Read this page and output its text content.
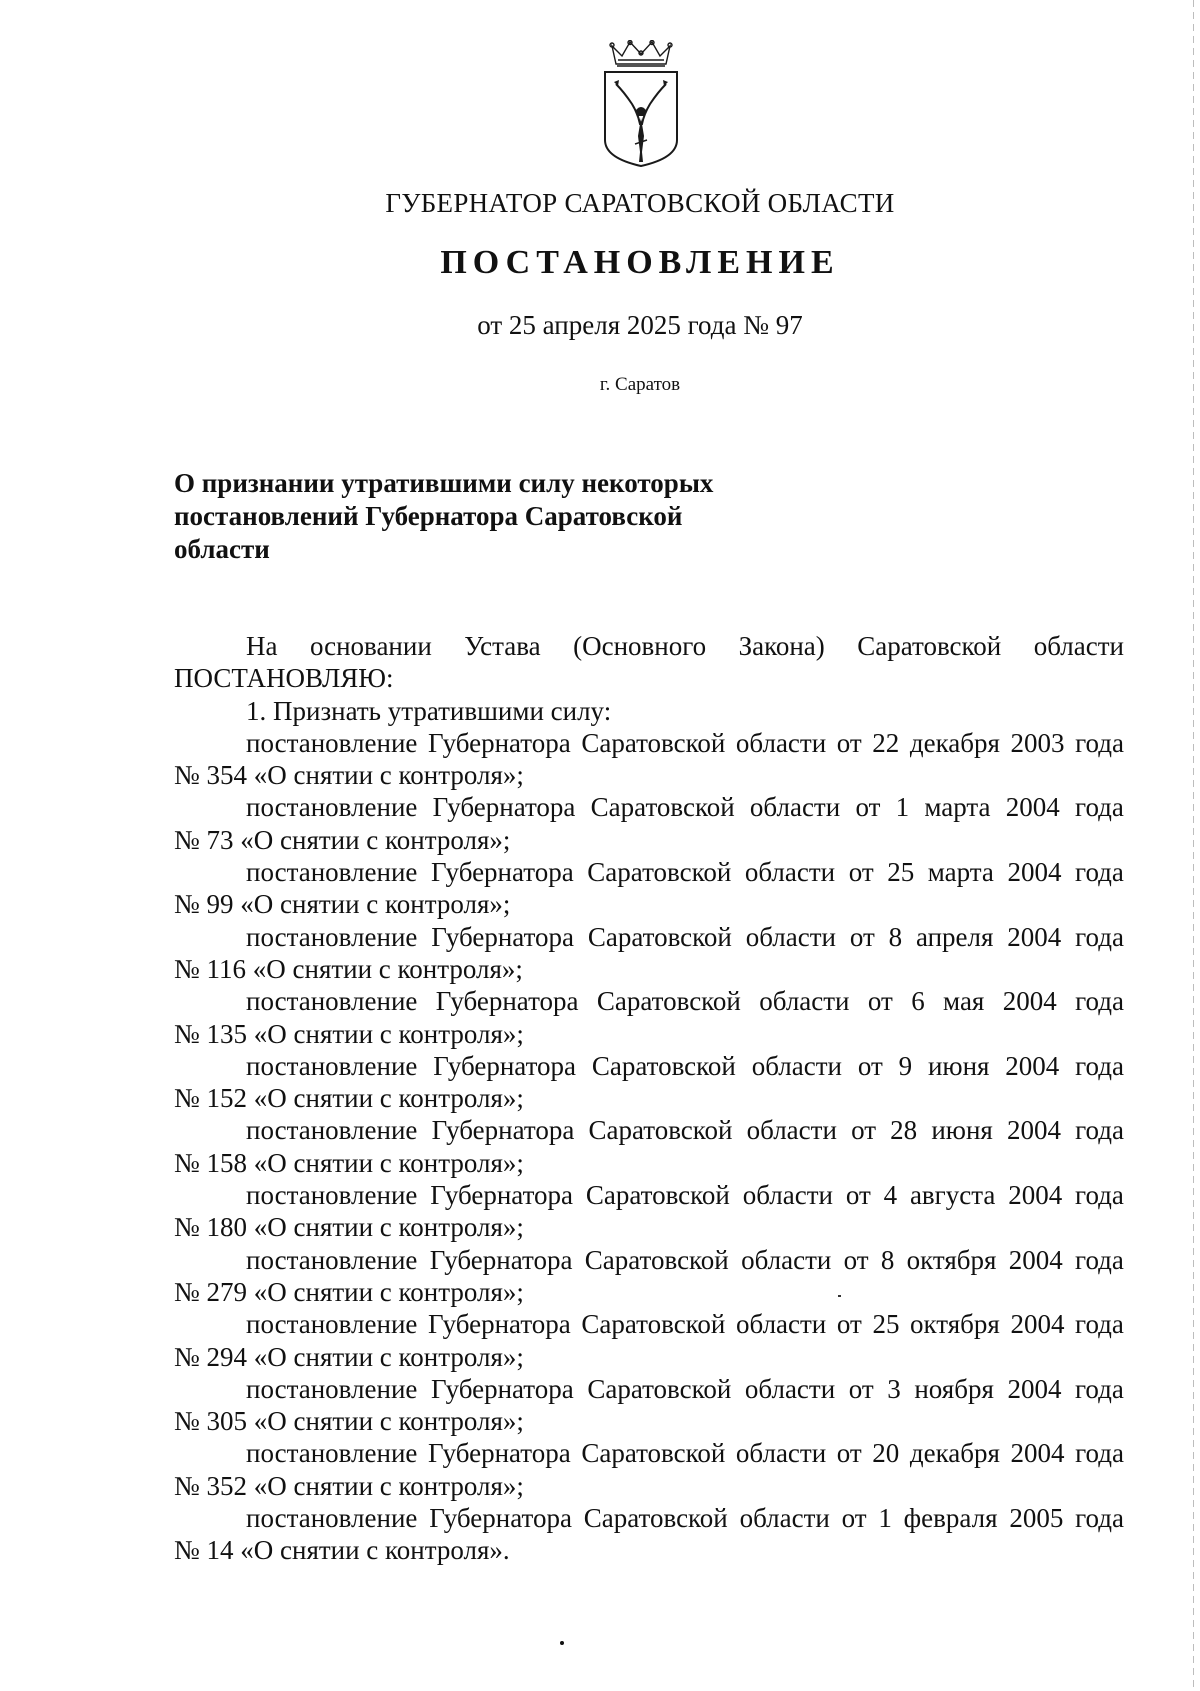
ГУБЕРНАТОР САРАТОВСКОЙ ОБЛАСТИ
ПОСТАНОВЛЕНИЕ
от 25 апреля 2025 года № 97
г. Саратов
О признании утратившими силу некоторых
постановлений Губернатора Саратовской
области
На основании Устава (Основного Закона) Саратовской области
ПОСТАНОВЛЯЮ:
1. Признать утратившими силу:
постановление Губернатора Саратовской области от 22 декабря 2003 года
№ 354 «О снятии с контроля»;
постановление Губернатора Саратовской области от 1 марта 2004 года
№ 73 «О снятии с контроля»;
постановление Губернатора Саратовской области от 25 марта 2004 года
№ 99 «О снятии с контроля»;
постановление Губернатора Саратовской области от 8 апреля 2004 года
№ 116 «О снятии с контроля»;
постановление Губернатора Саратовской области от 6 мая 2004 года
№ 135 «О снятии с контроля»;
постановление Губернатора Саратовской области от 9 июня 2004 года
№ 152 «О снятии с контроля»;
постановление Губернатора Саратовской области от 28 июня 2004 года
№ 158 «О снятии с контроля»;
постановление Губернатора Саратовской области от 4 августа 2004 года
№ 180 «О снятии с контроля»;
постановление Губернатора Саратовской области от 8 октября 2004 года
№ 279 «О снятии с контроля»;
постановление Губернатора Саратовской области от 25 октября 2004 года
№ 294 «О снятии с контроля»;
постановление Губернатора Саратовской области от 3 ноября 2004 года
№ 305 «О снятии с контроля»;
постановление Губернатора Саратовской области от 20 декабря 2004 года
№ 352 «О снятии с контроля»;
постановление Губернатора Саратовской области от 1 февраля 2005 года
№ 14 «О снятии с контроля».
